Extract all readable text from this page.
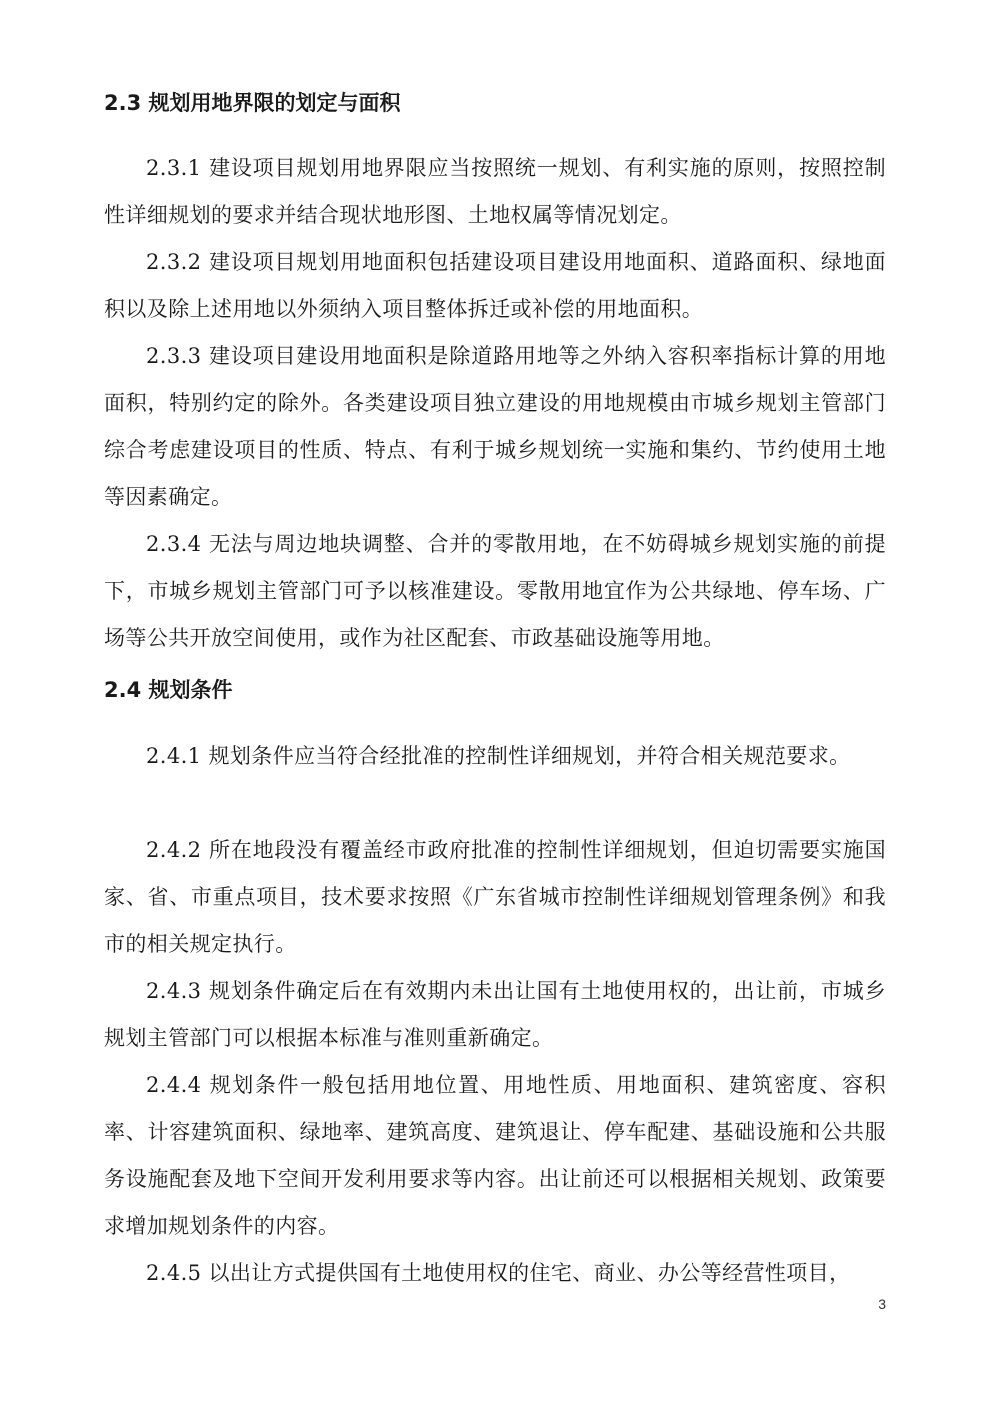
2.3 规划用地界限的划定与面积

2.3.1 建设项目规划用地界限应当按照统一规划、有利实施的原则，按照控制性详细规划的要求并结合现状地形图、土地权属等情况划定。

2.3.2 建设项目规划用地面积包括建设项目建设用地面积、道路面积、绿地面积以及除上述用地以外须纳入项目整体拆迁或补偿的用地面积。

2.3.3 建设项目建设用地面积是除道路用地等之外纳入容积率指标计算的用地面积，特别约定的除外。各类建设项目独立建设的用地规模由市城乡规划主管部门综合考虑建设项目的性质、特点、有利于城乡规划统一实施和集约、节约使用土地等因素确定。

2.3.4 无法与周边地块调整、合并的零散用地，在不妨碍城乡规划实施的前提下，市城乡规划主管部门可予以核准建设。零散用地宜作为公共绿地、停车场、广场等公共开放空间使用，或作为社区配套、市政基础设施等用地。

2.4 规划条件

2.4.1 规划条件应当符合经批准的控制性详细规划，并符合相关规范要求。

2.4.2 所在地段没有覆盖经市政府批准的控制性详细规划，但迫切需要实施国家、省、市重点项目，技术要求按照《广东省城市控制性详细规划管理条例》和我市的相关规定执行。

2.4.3 规划条件确定后在有效期内未出让国有土地使用权的，出让前，市城乡规划主管部门可以根据本标准与准则重新确定。

2.4.4 规划条件一般包括用地位置、用地性质、用地面积、建筑密度、容积率、计容建筑面积、绿地率、建筑高度、建筑退让、停车配建、基础设施和公共服务设施配套及地下空间开发利用要求等内容。出让前还可以根据相关规划、政策要求增加规划条件的内容。

2.4.5 以出让方式提供国有土地使用权的住宅、商业、办公等经营性项目，

3
